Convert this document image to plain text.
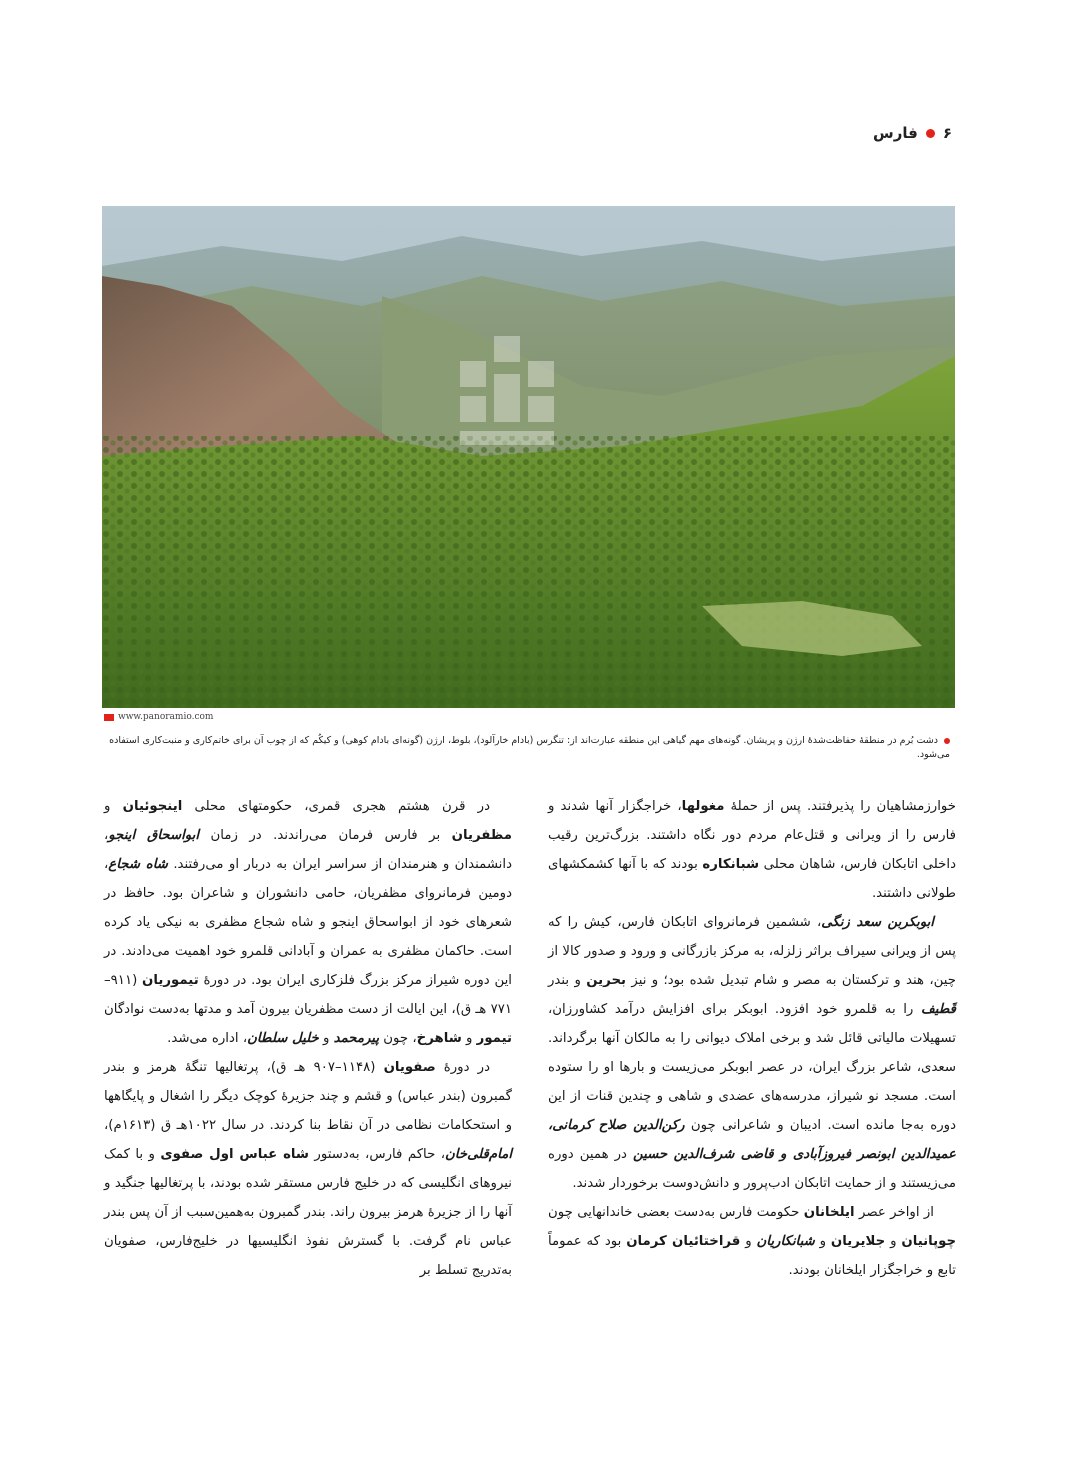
۶
فارس
www.panoramio.com
دشت بُرم در منطقهٔ حفاظت‌شدهٔ ارژن و پریشان. گونه‌های مهم گیاهی این منطقه عبارت‌اند از: تنگرس (بادام خارآلود)، بلوط، ارژن (گونه‌ای بادام کوهی) و کیکُم که از چوب آن برای خاتم‌کاری و منبت‌کاری استفاده می‌شود.

خوارزمشاهیان را پذیرفتند. پس از حملهٔ مغولها، خراجگزار آنها شدند و فارس را از ویرانی و قتل‌عام مردم دور نگاه داشتند. بزرگ‌ترین رقیب داخلی اتابکان فارس، شاهان محلی شبانکاره بودند که با آنها کشمکشهای طولانی داشتند.

ابوبکربن سعد زنگی، ششمین فرمانروای اتابکان فارس، کیش را که پس از ویرانی سیراف براثر زلزله، به مرکز بازرگانی و ورود و صدور کالا از چین، هند و ترکستان به مصر و شام تبدیل شده بود؛ و نیز بحرین و بندر قَطیف را به قلمرو خود افزود. ابوبکر برای افزایش درآمد کشاورزان، تسهیلات مالیاتی قائل شد و برخی املاک دیوانی را به مالکان آنها برگرداند. سعدی، شاعر بزرگ ایران، در عصر ابوبکر می‌زیست و بارها او را ستوده است. مسجد نو شیراز، مدرسه‌های عضدی و شاهی و چندین قنات از این دوره به‌جا مانده است. ادیبان و شاعرانی چون رکن‌الدین صلاح کرمانی، عمیدالدین ابونصر فیروزآبادی و قاضی شرف‌الدین حسین در همین دوره می‌زیستند و از حمایت اتابکان ادب‌پرور و دانش‌دوست برخوردار شدند.

از اواخر عصر ایلخانان حکومت فارس به‌دست بعضی خاندانهایی چون چوپانیان و جلایریان و شبانکاریان و قراختائیان کرمان بود که عموماً تابع و خراجگزار ایلخانان بودند.

در قرن هشتم هجری قمری، حکومتهای محلی اینجوئیان و مظفریان بر فارس فرمان می‌راندند. در زمان ابواسحاق اینجو، دانشمندان و هنرمندان از سراسر ایران به دربار او می‌رفتند. شاه شجاع، دومین فرمانروای مظفریان، حامی دانشوران و شاعران بود. حافظ در شعرهای خود از ابواسحاق اینجو و شاه شجاع مظفری به نیکی یاد کرده است. حاکمان مظفری به عمران و آبادانی قلمرو خود اهمیت می‌دادند. در این دوره شیراز مرکز بزرگ فلزکاری ایران بود. در دورهٔ تیموریان (۹۱۱–۷۷۱ هـ ق)، این ایالت از دست مظفریان بیرون آمد و مدتها به‌دست نوادگان تیمور و شاهرخ، چون پیرمحمد و خلیل سلطان، اداره می‌شد.

در دورهٔ صفویان (۱۱۴۸–۹۰۷ هـ ق)، پرتغالیها تنگهٔ هرمز و بندر گمبرون (بندر عباس) و قشم و چند جزیرهٔ کوچک دیگر را اشغال و پایگاهها و استحکامات نظامی در آن نقاط بنا کردند. در سال ۱۰۲۲هـ ق (۱۶۱۳م)، امام‌قلی‌خان، حاکم فارس، به‌دستور شاه عباس اول صفوی و با کمک نیروهای انگلیسی که در خلیج فارس مستقر شده بودند، با پرتغالیها جنگید و آنها را از جزیرهٔ هرمز بیرون راند. بندر گمبرون به‌همین‌سبب از آن پس بندر عباس نام گرفت. با گسترش نفوذ انگلیسیها در خلیج‌فارس، صفویان به‌تدریج تسلط بر
